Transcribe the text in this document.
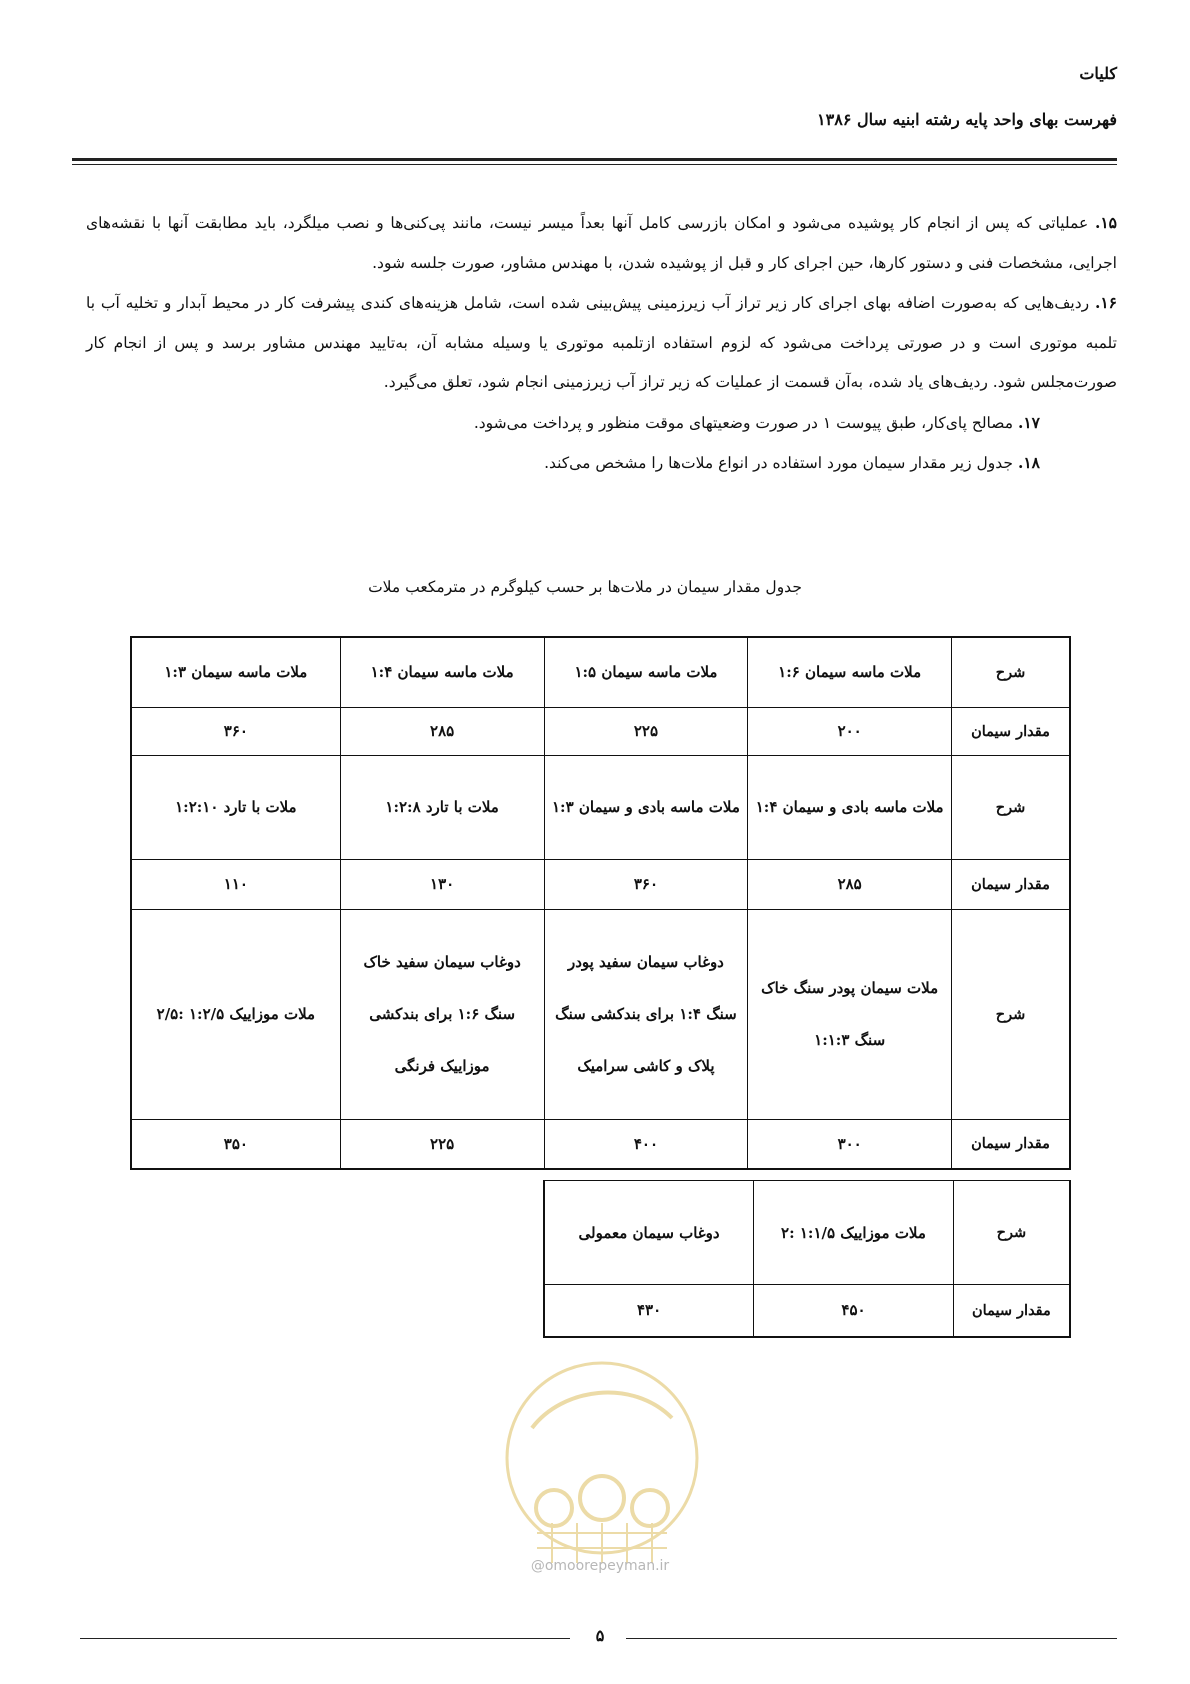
کلیات
فهرست بهای واحد پایه رشته ابنیه سال ۱۳۸۶

۱۵. عملیاتی که پس از انجام کار پوشیده می‌شود و امکان بازرسی کامل آنها بعداً میسر نیست، مانند پی‌کنی‌ها و نصب میلگرد، باید مطابقت آنها با نقشه‌های اجرایی، مشخصات فنی و دستور کارها، حین اجرای کار و قبل از پوشیده شدن، با مهندس مشاور، صورت جلسه شود.

۱۶. ردیف‌هایی که به‌صورت اضافه بهای اجرای کار زیر تراز آب زیرزمینی پیش‌بینی شده است، شامل هزینه‌های کندی پیشرفت کار در محیط آبدار و تخلیه آب با تلمبه موتوری است و در صورتی پرداخت می‌شود که لزوم استفاده ازتلمبه موتوری یا وسیله مشابه آن، به‌تایید مهندس مشاور برسد و پس از انجام کار صورت‌مجلس شود. ردیف‌های یاد شده، به‌آن قسمت از عملیات که زیر تراز آب زیرزمینی انجام شود، تعلق می‌گیرد.

۱۷. مصالح پای‌کار، طبق پیوست ۱ در صورت وضعیتهای موقت منظور و پرداخت می‌شود.

۱۸. جدول زیر مقدار سیمان مورد استفاده در انواع ملات‌ها را مشخص می‌کند.

جدول مقدار سیمان در ملات‌ها بر حسب کیلوگرم در مترمکعب ملات
شرح	ملات ماسه سیمان ۱:۶	ملات ماسه سیمان ۱:۵	ملات ماسه سیمان ۱:۴	ملات ماسه سیمان ۱:۳
مقدار سیمان	۲۰۰	۲۲۵	۲۸۵	۳۶۰
شرح	ملات ماسه بادی و سیمان ۱:۴	ملات ماسه بادی و سیمان ۱:۳	ملات با تارد ۱:۲:۸	ملات با تارد ۱:۲:۱۰
مقدار سیمان	۲۸۵	۳۶۰	۱۳۰	۱۱۰
شرح	ملات سیمان پودر سنگ خاک سنگ ۱:۱:۳	دوغاب سیمان سفید پودر سنگ ۱:۴ برای بندکشی سنگ پلاک و کاشی سرامیک	دوغاب سیمان سفید خاک سنگ ۱:۶ برای بندکشی موزاییک فرنگی	ملات موزاییک ۱:۲/۵ :۲/۵
مقدار سیمان	۳۰۰	۴۰۰	۲۲۵	۳۵۰
شرح	ملات موزاییک ۱:۱/۵ :۲	دوغاب سیمان معمولی
مقدار سیمان	۴۵۰	۴۳۰
@omoorepeyman.ir
۵
